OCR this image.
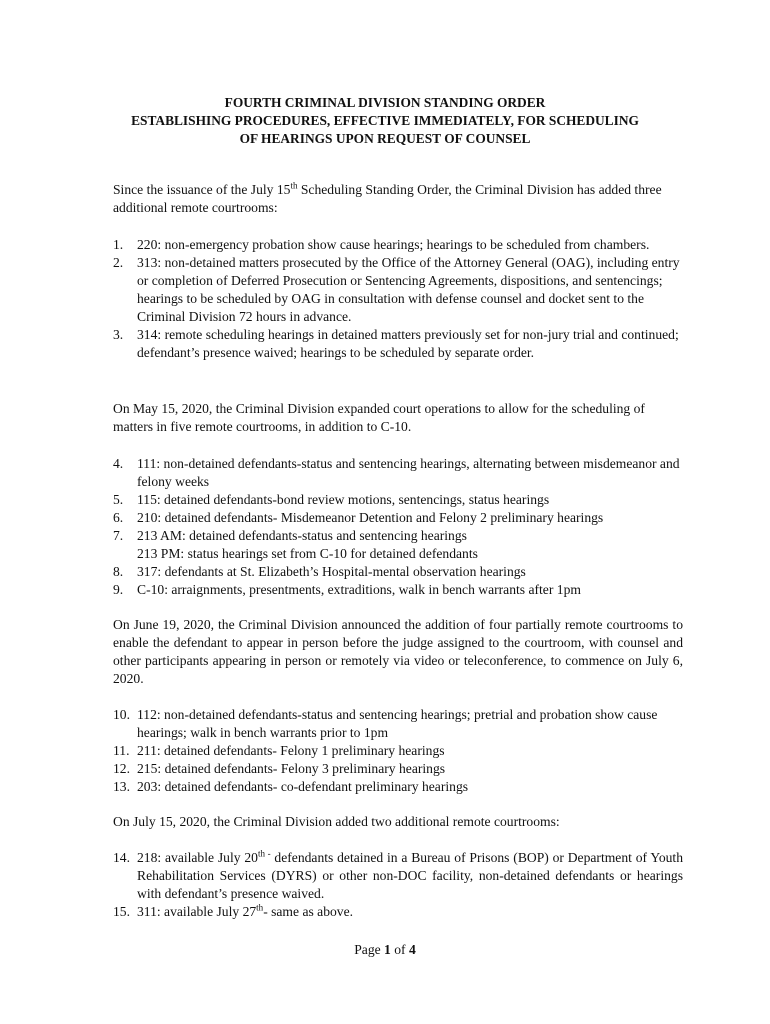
FOURTH CRIMINAL DIVISION STANDING ORDER
ESTABLISHING PROCEDURES, EFFECTIVE IMMEDIATELY, FOR SCHEDULING
OF HEARINGS UPON REQUEST OF COUNSEL
Since the issuance of the July 15th Scheduling Standing Order, the Criminal Division has added three additional remote courtrooms:
1. 220: non-emergency probation show cause hearings; hearings to be scheduled from chambers.
2. 313: non-detained matters prosecuted by the Office of the Attorney General (OAG), including entry or completion of Deferred Prosecution or Sentencing Agreements, dispositions, and sentencings; hearings to be scheduled by OAG in consultation with defense counsel and docket sent to the Criminal Division 72 hours in advance.
3. 314: remote scheduling hearings in detained matters previously set for non-jury trial and continued; defendant’s presence waived; hearings to be scheduled by separate order.
On May 15, 2020, the Criminal Division expanded court operations to allow for the scheduling of matters in five remote courtrooms, in addition to C-10.
4. 111: non-detained defendants-status and sentencing hearings, alternating between misdemeanor and felony weeks
5. 115: detained defendants-bond review motions, sentencings, status hearings
6. 210: detained defendants- Misdemeanor Detention and Felony 2 preliminary hearings
7. 213 AM: detained defendants-status and sentencing hearings
213 PM: status hearings set from C-10 for detained defendants
8. 317: defendants at St. Elizabeth’s Hospital-mental observation hearings
9. C-10: arraignments, presentments, extraditions, walk in bench warrants after 1pm
On June 19, 2020, the Criminal Division announced the addition of four partially remote courtrooms to enable the defendant to appear in person before the judge assigned to the courtroom, with counsel and other participants appearing in person or remotely via video or teleconference, to commence on July 6, 2020.
10. 112: non-detained defendants-status and sentencing hearings; pretrial and probation show cause hearings; walk in bench warrants prior to 1pm
11. 211: detained defendants- Felony 1 preliminary hearings
12. 215: detained defendants- Felony 3 preliminary hearings
13. 203: detained defendants- co-defendant preliminary hearings
On July 15, 2020, the Criminal Division added two additional remote courtrooms:
14. 218: available July $20^{th -}$ defendants detained in a Bureau of Prisons (BOP) or Department of Youth Rehabilitation Services (DYRS) or other non-DOC facility, non-detained defendants or hearings with defendant’s presence waived.
15. 311: available July 27th- same as above.
Page 1 of 4
